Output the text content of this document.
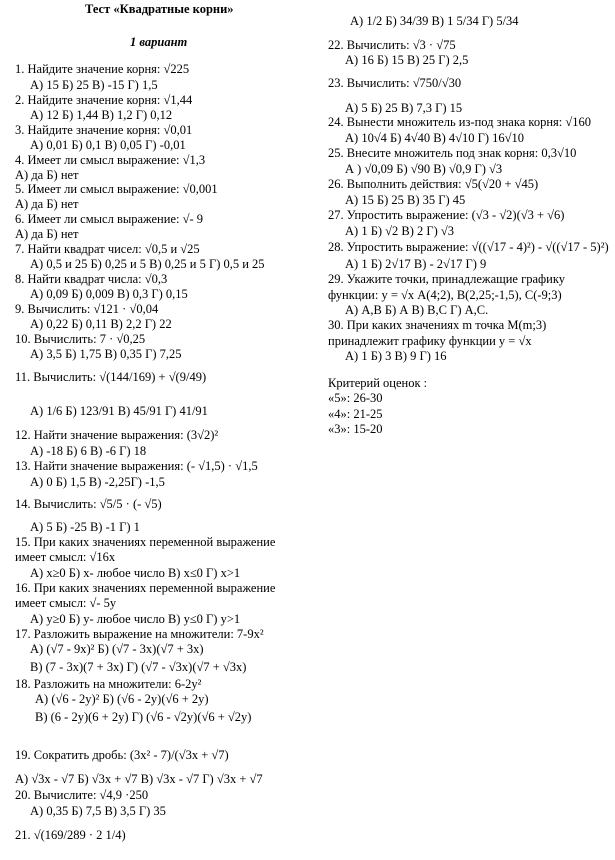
Тест «Квадратные корни»
1 вариант
1. Найдите значение корня: √225
А) 15 Б) 25 В) -15 Г) 1,5
2. Найдите значение корня: √1,44
А) 12 Б) 1,44 В) 1,2 Г) 0,12
3. Найдите значение корня: √0,01
А) 0,01 Б) 0,1 В) 0,05 Г) -0,01
4. Имеет ли смысл выражение: √1,3
А) да Б) нет
5. Имеет ли смысл выражение: √0,001
А) да Б) нет
6. Имеет ли смысл выражение: √- 9
А) да Б) нет
7. Найти квадрат чисел: √0,5 и √25
А) 0,5 и 25 Б) 0,25 и 5 В) 0,25 и 5 Г) 0,5 и 25
8. Найти квадрат числа: √0,3
А) 0,09 Б) 0,009 В) 0,3 Г) 0,15
9. Вычислить: √121 · √0,04
А) 0,22 Б) 0,11 В) 2,2 Г) 22
10. Вычислить: 7 · √0,25
А) 3,5 Б) 1,75 В) 0,35 Г) 7,25
11. Вычислить: √(144/169) + √(9/49)
А) 1/6 Б) 123/91 В) 45/91 Г) 41/91
12. Найти значение выражения: (3√2)²
А) -18 Б) 6 В) -6 Г) 18
13. Найти значение выражения: (- √1,5) · √1,5
А) 0 Б) 1,5 В) -2,25Г) -1,5
14. Вычислить: √5/5 · (- √5)
А) 5 Б) -25 В) -1 Г) 1
15. При каких значениях переменной выражение
имеет смысл: √16x
А) x≥0 Б) x- любое число В) x≤0 Г) x>1
16. При каких значениях переменной выражение
имеет смысл: √- 5y
А) y≥0 Б) y- любое число В) y≤0 Г) y>1
17. Разложить выражение на множители: 7-9x²
А) (√7 - 9x)² Б) (√7 - 3x)(√7 + 3x)
В) (7 - 3x)(7 + 3x) Г) (√7 - √3x)(√7 + √3x)
18. Разложить на множители: 6-2y²
А) (√6 - 2y)² Б) (√6 - 2y)(√6 + 2y)
В) (6 - 2y)(6 + 2y) Г) (√6 - √2y)(√6 + √2y)
19. Сократить дробь: (3x² - 7)/(√3x + √7)
А) √3x - √7 Б) √3x + √7 В) √3x - √7 Г) √3x + √7
20. Вычислите: √4,9 ·250
А) 0,35 Б) 7,5 В) 3,5 Г) 35
21. √(169/289 · 2 1/4)
А) 1/2 Б) 34/39 В) 1 5/34 Г) 5/34
22. Вычислить: √3 · √75
А) 16 Б) 15 В) 25 Г) 2,5
23. Вычислить: √750/√30
А) 5 Б) 25 В) 7,3 Г) 15
24. Вынести множитель из-под знака корня: √160
А) 10√4 Б) 4√40 В) 4√10 Г) 16√10
25. Внесите множитель под знак корня: 0,3√10
А ) √0,09 Б) √90 В) √0,9 Г) √3
26. Выполнить действия: √5(√20 + √45)
А) 15 Б) 25 В) 35 Г) 45
27. Упростить выражение: (√3 - √2)(√3 + √6)
А) 1 Б) √2 В) 2 Г) √3
28. Упростить выражение: √((√17 - 4)²) - √((√17 - 5)²)
А) 1 Б) 2√17 В) - 2√17 Г) 9
29. Укажите точки, принадлежащие графику
функции: y = √x А(4;2), В(2,25;-1,5), С(-9;3)
А) А,В Б) А В) В,С Г) А,С.
30. При каких значениях m точка М(m;3)
принадлежит графику функции y = √x
А) 1 Б) 3 В) 9 Г) 16
Критерий оценок :
«5»: 26-30
«4»: 21-25
«3»: 15-20
